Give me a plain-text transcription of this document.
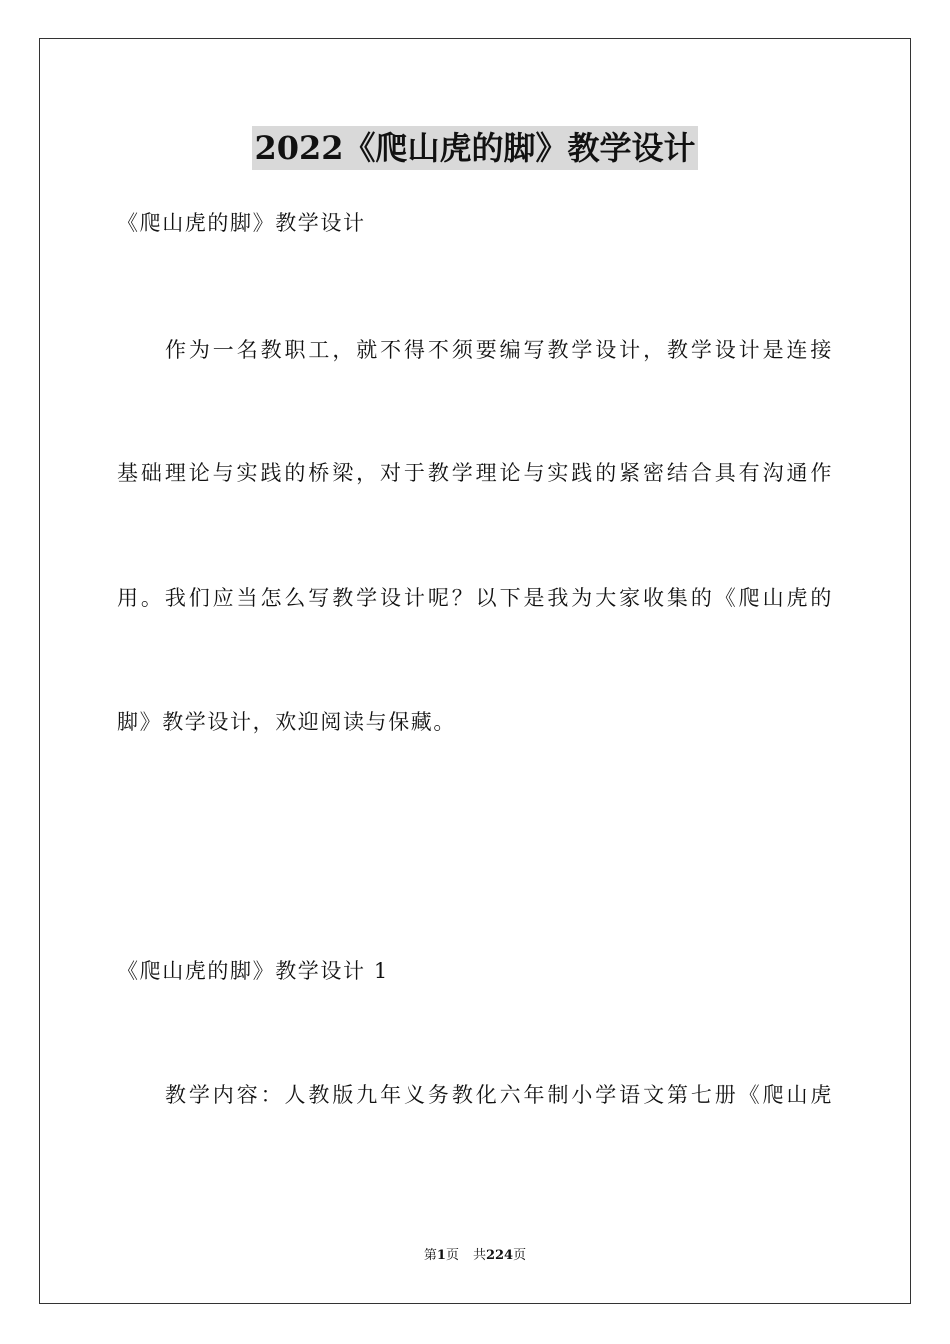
2022《爬山虎的脚》教学设计
《爬山虎的脚》教学设计
作为一名教职工，就不得不须要编写教学设计，教学设计是连接
基础理论与实践的桥梁，对于教学理论与实践的紧密结合具有沟通作
用。我们应当怎么写教学设计呢？以下是我为大家收集的《爬山虎的
脚》教学设计，欢迎阅读与保藏。
《爬山虎的脚》教学设计 1
教学内容：人教版九年义务教化六年制小学语文第七册《爬山虎
第1页 共224页
